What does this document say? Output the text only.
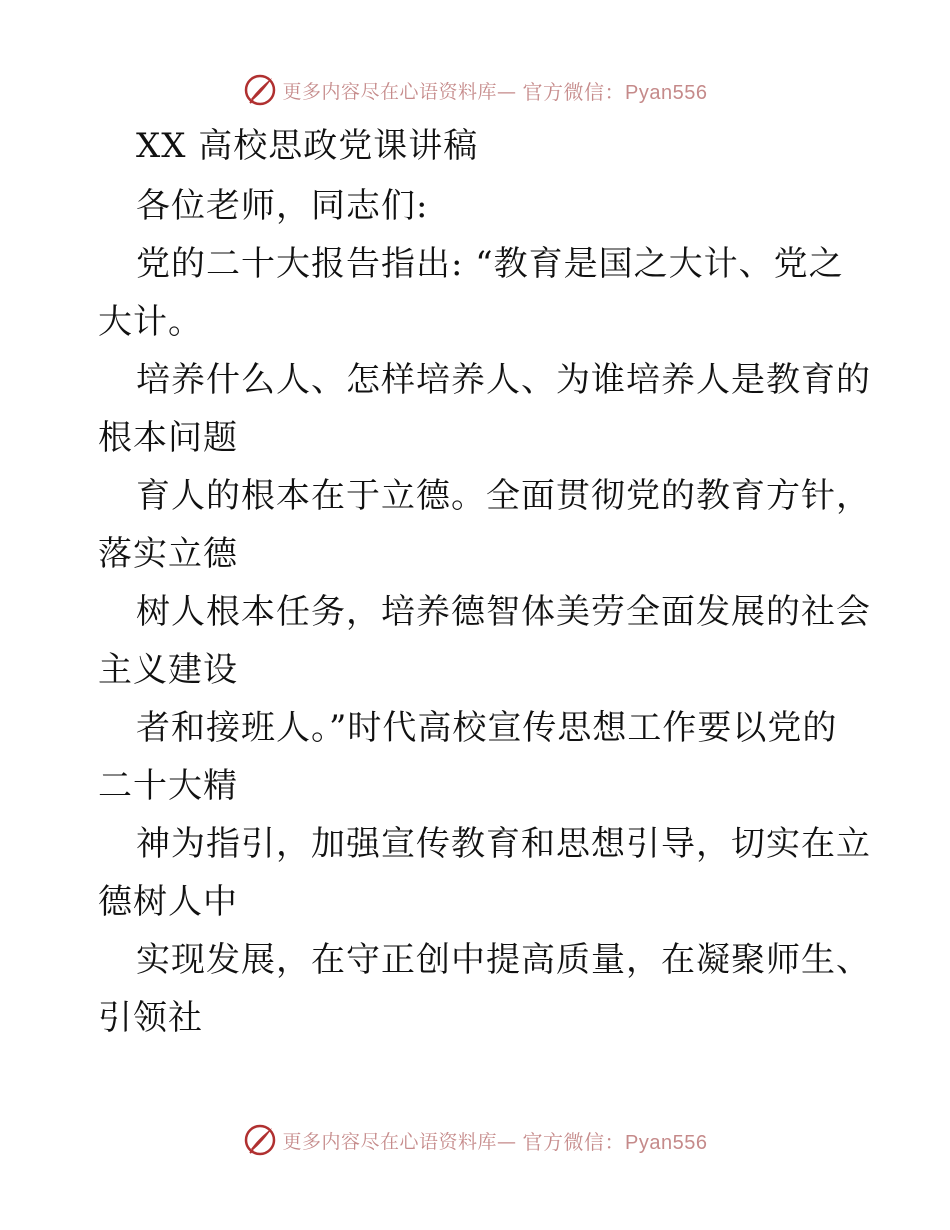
更多内容尽在心语资料库— 官方微信：Pyan556
XX 高校思政党课讲稿
各位老师，同志们:
党的二十大报告指出: “教育是国之大计、党之
大计。
培养什么人、怎样培养人、为谁培养人是教育的
根本问题
育人的根本在于立德。全面贯彻党的教育方针，
落实立德
树人根本任务，培养德智体美劳全面发展的社会
主义建设
者和接班人。”时代高校宣传思想工作要以党的
二十大精
神为指引，加强宣传教育和思想引导，切实在立
德树人中
实现发展，在守正创中提高质量，在凝聚师生、
引领社
更多内容尽在心语资料库— 官方微信：Pyan556
